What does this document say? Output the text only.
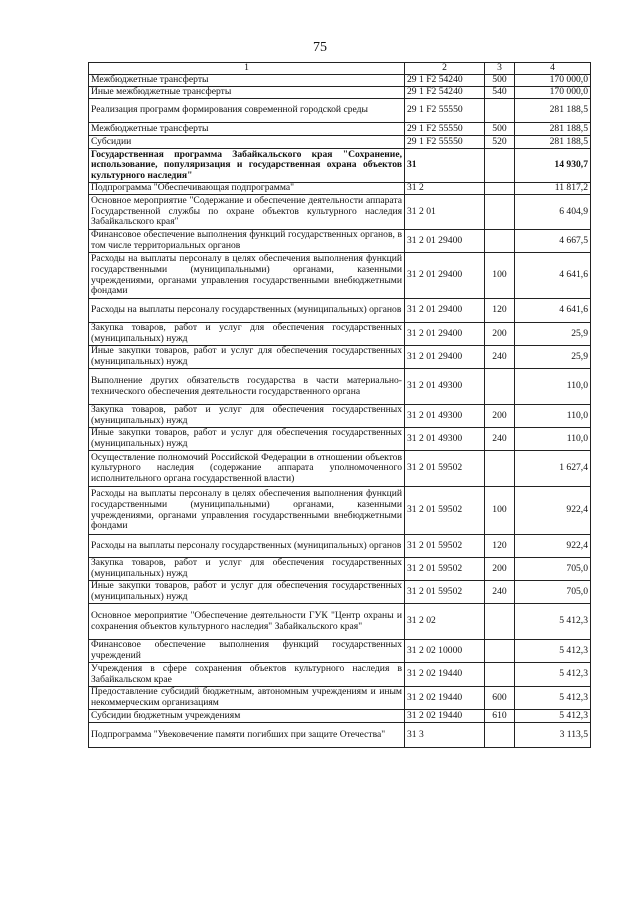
75
1	2	3	4
Межбюджетные трансферты	29 1 F2 54240	500	170 000,0
Иные межбюджетные трансферты	29 1 F2 54240	540	170 000,0
Реализация программ формирования современной городской среды	29 1 F2 55550		281 188,5
Межбюджетные трансферты	29 1 F2 55550	500	281 188,5
Субсидии	29 1 F2 55550	520	281 188,5
Государственная программа Забайкальского края "Сохранение, использование, популяризация и государственная охрана объектов культурного наследия"	31		14 930,7
Подпрограмма "Обеспечивающая подпрограмма"	31 2		11 817,2
Основное мероприятие "Содержание и обеспечение деятельности аппарата Государственной службы по охране объектов культурного наследия Забайкальского края"	31 2 01		6 404,9
Финансовое обеспечение выполнения функций государственных органов, в том числе территориальных органов	31 2 01 29400		4 667,5
Расходы на выплаты персоналу в целях обеспечения выполнения функций государственными (муниципальными) органами, казенными учреждениями, органами управления государственными внебюджетными фондами	31 2 01 29400	100	4 641,6
Расходы на выплаты персоналу государственных (муниципальных) органов	31 2 01 29400	120	4 641,6
Закупка товаров, работ и услуг для обеспечения государственных (муниципальных) нужд	31 2 01 29400	200	25,9
Иные закупки товаров, работ и услуг для обеспечения государственных (муниципальных) нужд	31 2 01 29400	240	25,9
Выполнение других обязательств государства в части материально-технического обеспечения деятельности государственного органа	31 2 01 49300		110,0
Закупка товаров, работ и услуг для обеспечения государственных (муниципальных) нужд	31 2 01 49300	200	110,0
Иные закупки товаров, работ и услуг для обеспечения государственных (муниципальных) нужд	31 2 01 49300	240	110,0
Осуществление полномочий Российской Федерации в отношении объектов культурного наследия (содержание аппарата уполномоченного исполнительного органа государственной власти)	31 2 01 59502		1 627,4
Расходы на выплаты персоналу в целях обеспечения выполнения функций государственными (муниципальными) органами, казенными учреждениями, органами управления государственными внебюджетными фондами	31 2 01 59502	100	922,4
Расходы на выплаты персоналу государственных (муниципальных) органов	31 2 01 59502	120	922,4
Закупка товаров, работ и услуг для обеспечения государственных (муниципальных) нужд	31 2 01 59502	200	705,0
Иные закупки товаров, работ и услуг для обеспечения государственных (муниципальных) нужд	31 2 01 59502	240	705,0
Основное мероприятие "Обеспечение деятельности ГУК "Центр охраны и сохранения объектов культурного наследия" Забайкальского края"	31 2 02		5 412,3
Финансовое обеспечение выполнения функций государственных учреждений	31 2 02 10000		5 412,3
Учреждения в сфере сохранения объектов культурного наследия в Забайкальском крае	31 2 02 19440		5 412,3
Предоставление субсидий бюджетным, автономным учреждениям и иным некоммерческим организациям	31 2 02 19440	600	5 412,3
Субсидии бюджетным учреждениям	31 2 02 19440	610	5 412,3
Подпрограмма "Увековечение памяти погибших при защите Отечества"	31 3		3 113,5
